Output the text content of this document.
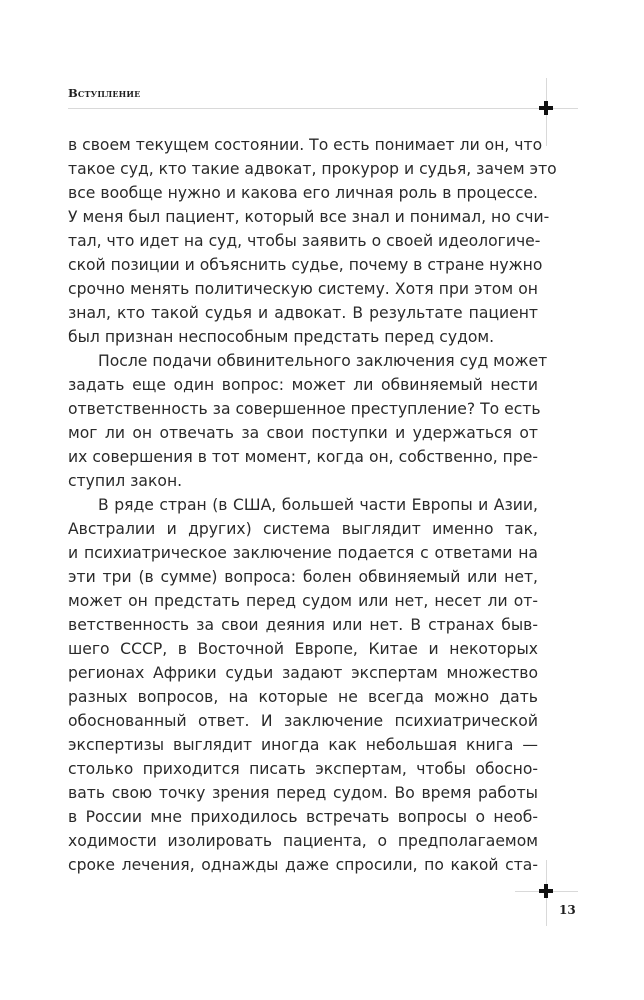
Вступление
в своем текущем состоянии. То есть понимает ли он, что
такое суд, кто такие адвокат, прокурор и судья, зачем это
все вообще нужно и какова его личная роль в процессе.
У меня был пациент, который все знал и понимал, но счи-
тал, что идет на суд, чтобы заявить о своей идеологиче-
ской позиции и объяснить судье, почему в стране нужно
срочно менять политическую систему. Хотя при этом он
знал, кто такой судья и адвокат. В результате пациент
был признан неспособным предстать перед судом.
После подачи обвинительного заключения суд может
задать еще один вопрос: может ли обвиняемый нести
ответственность за совершенное преступление? То есть
мог ли он отвечать за свои поступки и удержаться от
их совершения в тот момент, когда он, собственно, пре-
ступил закон.
В ряде стран (в США, большей части Европы и Азии,
Австралии и других) система выглядит именно так,
и психиатрическое заключение подается с ответами на
эти три (в сумме) вопроса: болен обвиняемый или нет,
может он предстать перед судом или нет, несет ли от-
ветственность за свои деяния или нет. В странах быв-
шего СССР, в Восточной Европе, Китае и некоторых
регионах Африки судьи задают экспертам множество
разных вопросов, на которые не всегда можно дать
обоснованный ответ. И заключение психиатрической
экспертизы выглядит иногда как небольшая книга —
столько приходится писать экспертам, чтобы обосно-
вать свою точку зрения перед судом. Во время работы
в России мне приходилось встречать вопросы о необ-
ходимости изолировать пациента, о предполагаемом
сроке лечения, однажды даже спросили, по какой ста-
13
